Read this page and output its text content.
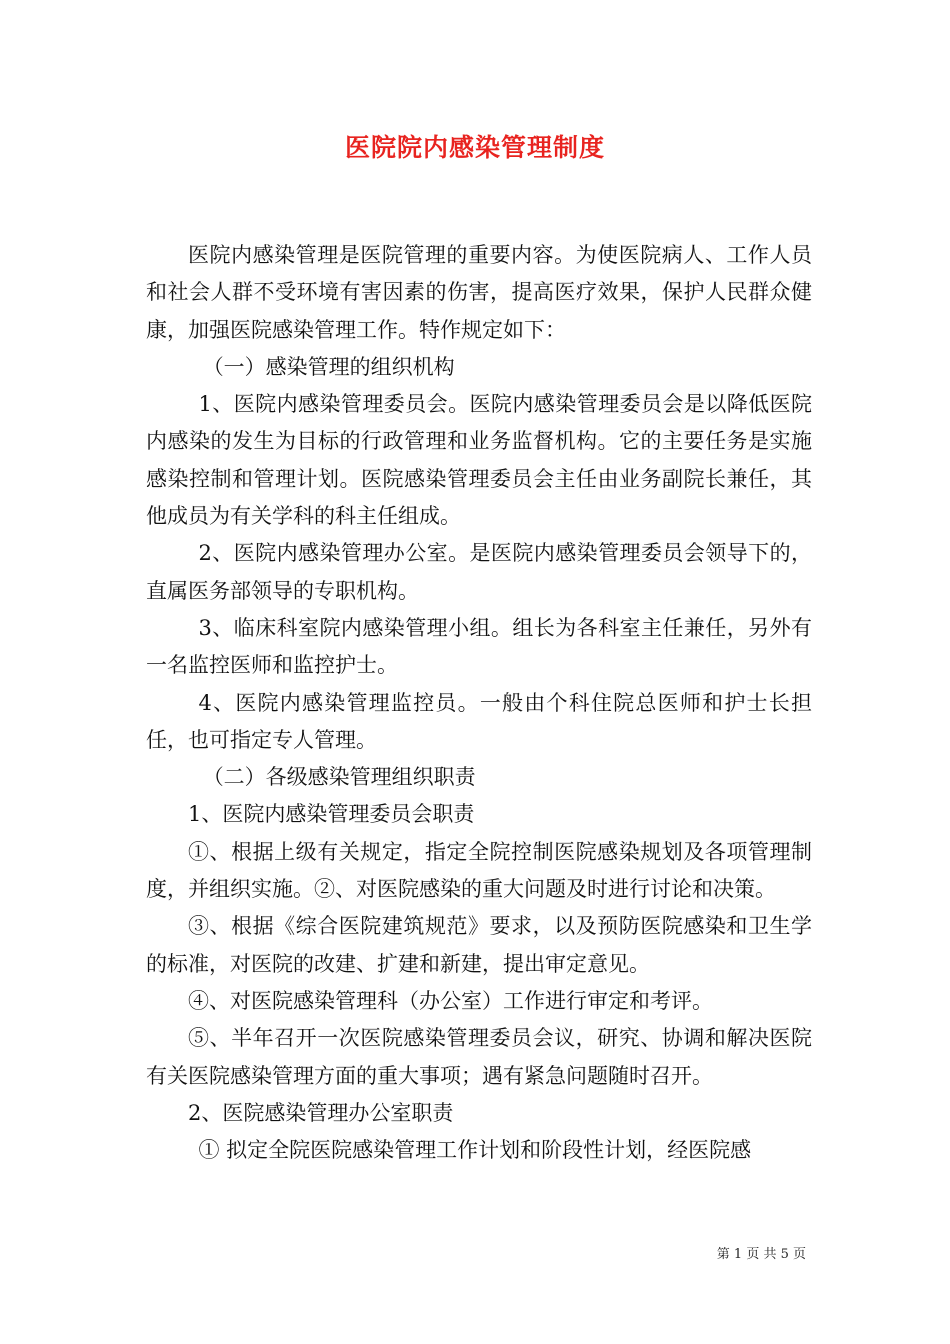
医院院内感染管理制度

医院内感染管理是医院管理的重要内容。为使医院病人、工作人员和社会人群不受环境有害因素的伤害，提高医疗效果，保护人民群众健康，加强医院感染管理工作。特作规定如下：

（一）感染管理的组织机构

1、医院内感染管理委员会。医院内感染管理委员会是以降低医院内感染的发生为目标的行政管理和业务监督机构。它的主要任务是实施感染控制和管理计划。医院感染管理委员会主任由业务副院长兼任，其他成员为有关学科的科主任组成。

2、医院内感染管理办公室。是医院内感染管理委员会领导下的，直属医务部领导的专职机构。

3、临床科室院内感染管理小组。组长为各科室主任兼任，另外有一名监控医师和监控护士。

4、医院内感染管理监控员。一般由个科住院总医师和护士长担任，也可指定专人管理。

（二）各级感染管理组织职责

1、医院内感染管理委员会职责

①、根据上级有关规定，指定全院控制医院感染规划及各项管理制度，并组织实施。②、对医院感染的重大问题及时进行讨论和决策。

③、根据《综合医院建筑规范》要求，以及预防医院感染和卫生学的标准，对医院的改建、扩建和新建，提出审定意见。

④、对医院感染管理科（办公室）工作进行审定和考评。

⑤、半年召开一次医院感染管理委员会议，研究、协调和解决医院有关医院感染管理方面的重大事项；遇有紧急问题随时召开。

2、医院感染管理办公室职责

① 拟定全院医院感染管理工作计划和阶段性计划，经医院感

第 1 页 共 5 页
